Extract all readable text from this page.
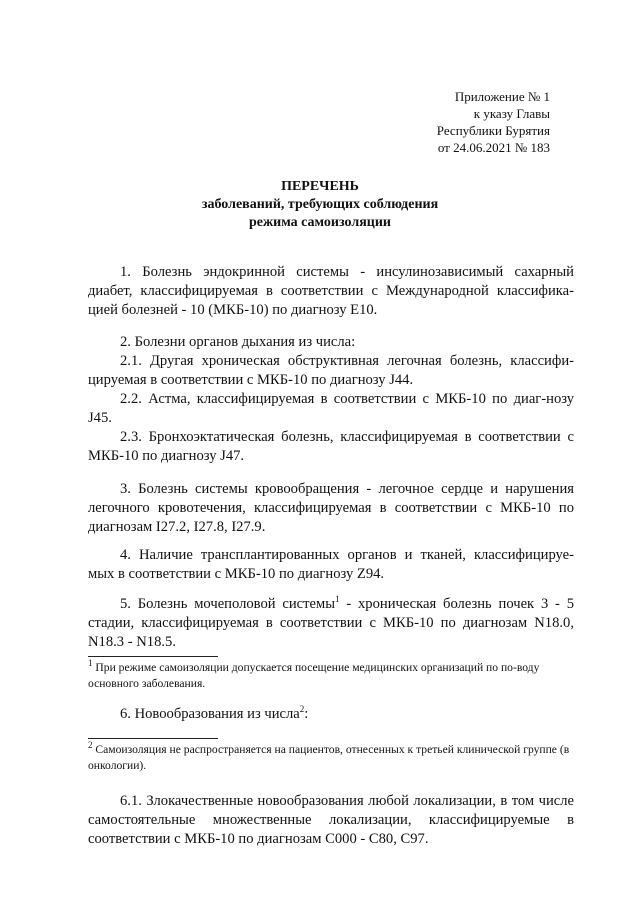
Приложение № 1
к указу Главы
Республики Бурятия
от 24.06.2021 № 183
ПЕРЕЧЕНЬ
заболеваний, требующих соблюдения
режима самоизоляции
1. Болезнь эндокринной системы - инсулинозависимый сахарный диабет, классифицируемая в соответствии с Международной классифика-цией болезней - 10 (МКБ-10) по диагнозу E10.
2. Болезни органов дыхания из числа:
2.1. Другая хроническая обструктивная легочная болезнь, классифи-цируемая в соответствии с МКБ-10 по диагнозу J44.
2.2. Астма, классифицируемая в соответствии с МКБ-10 по диаг-нозу J45.
2.3. Бронхоэктатическая болезнь, классифицируемая в соответствии с МКБ-10 по диагнозу J47.
3. Болезнь системы кровообращения - легочное сердце и нарушения легочного кровотечения, классифицируемая в соответствии с МКБ-10 по диагнозам I27.2, I27.8, I27.9.
4. Наличие трансплантированных органов и тканей, классифицируе-мых в соответствии с МКБ-10 по диагнозу Z94.
5. Болезнь мочеполовой системы$^1$ - хроническая болезнь почек 3 - 5 стадии, классифицируемая в соответствии с МКБ-10 по диагнозам N18.0, N18.3 - N18.5.
$^1$ При режиме самоизоляции допускается посещение медицинских организаций по по-воду основного заболевания.
6. Новообразования из числа$^2$:
$^2$ Самоизоляция не распространяется на пациентов, отнесенных к третьей клинической группе (в онкологии).
6.1. Злокачественные новообразования любой локализации, в том числе самостоятельные множественные локализации, классифицируемые в соответствии с МКБ-10 по диагнозам C000 - C80, C97.
